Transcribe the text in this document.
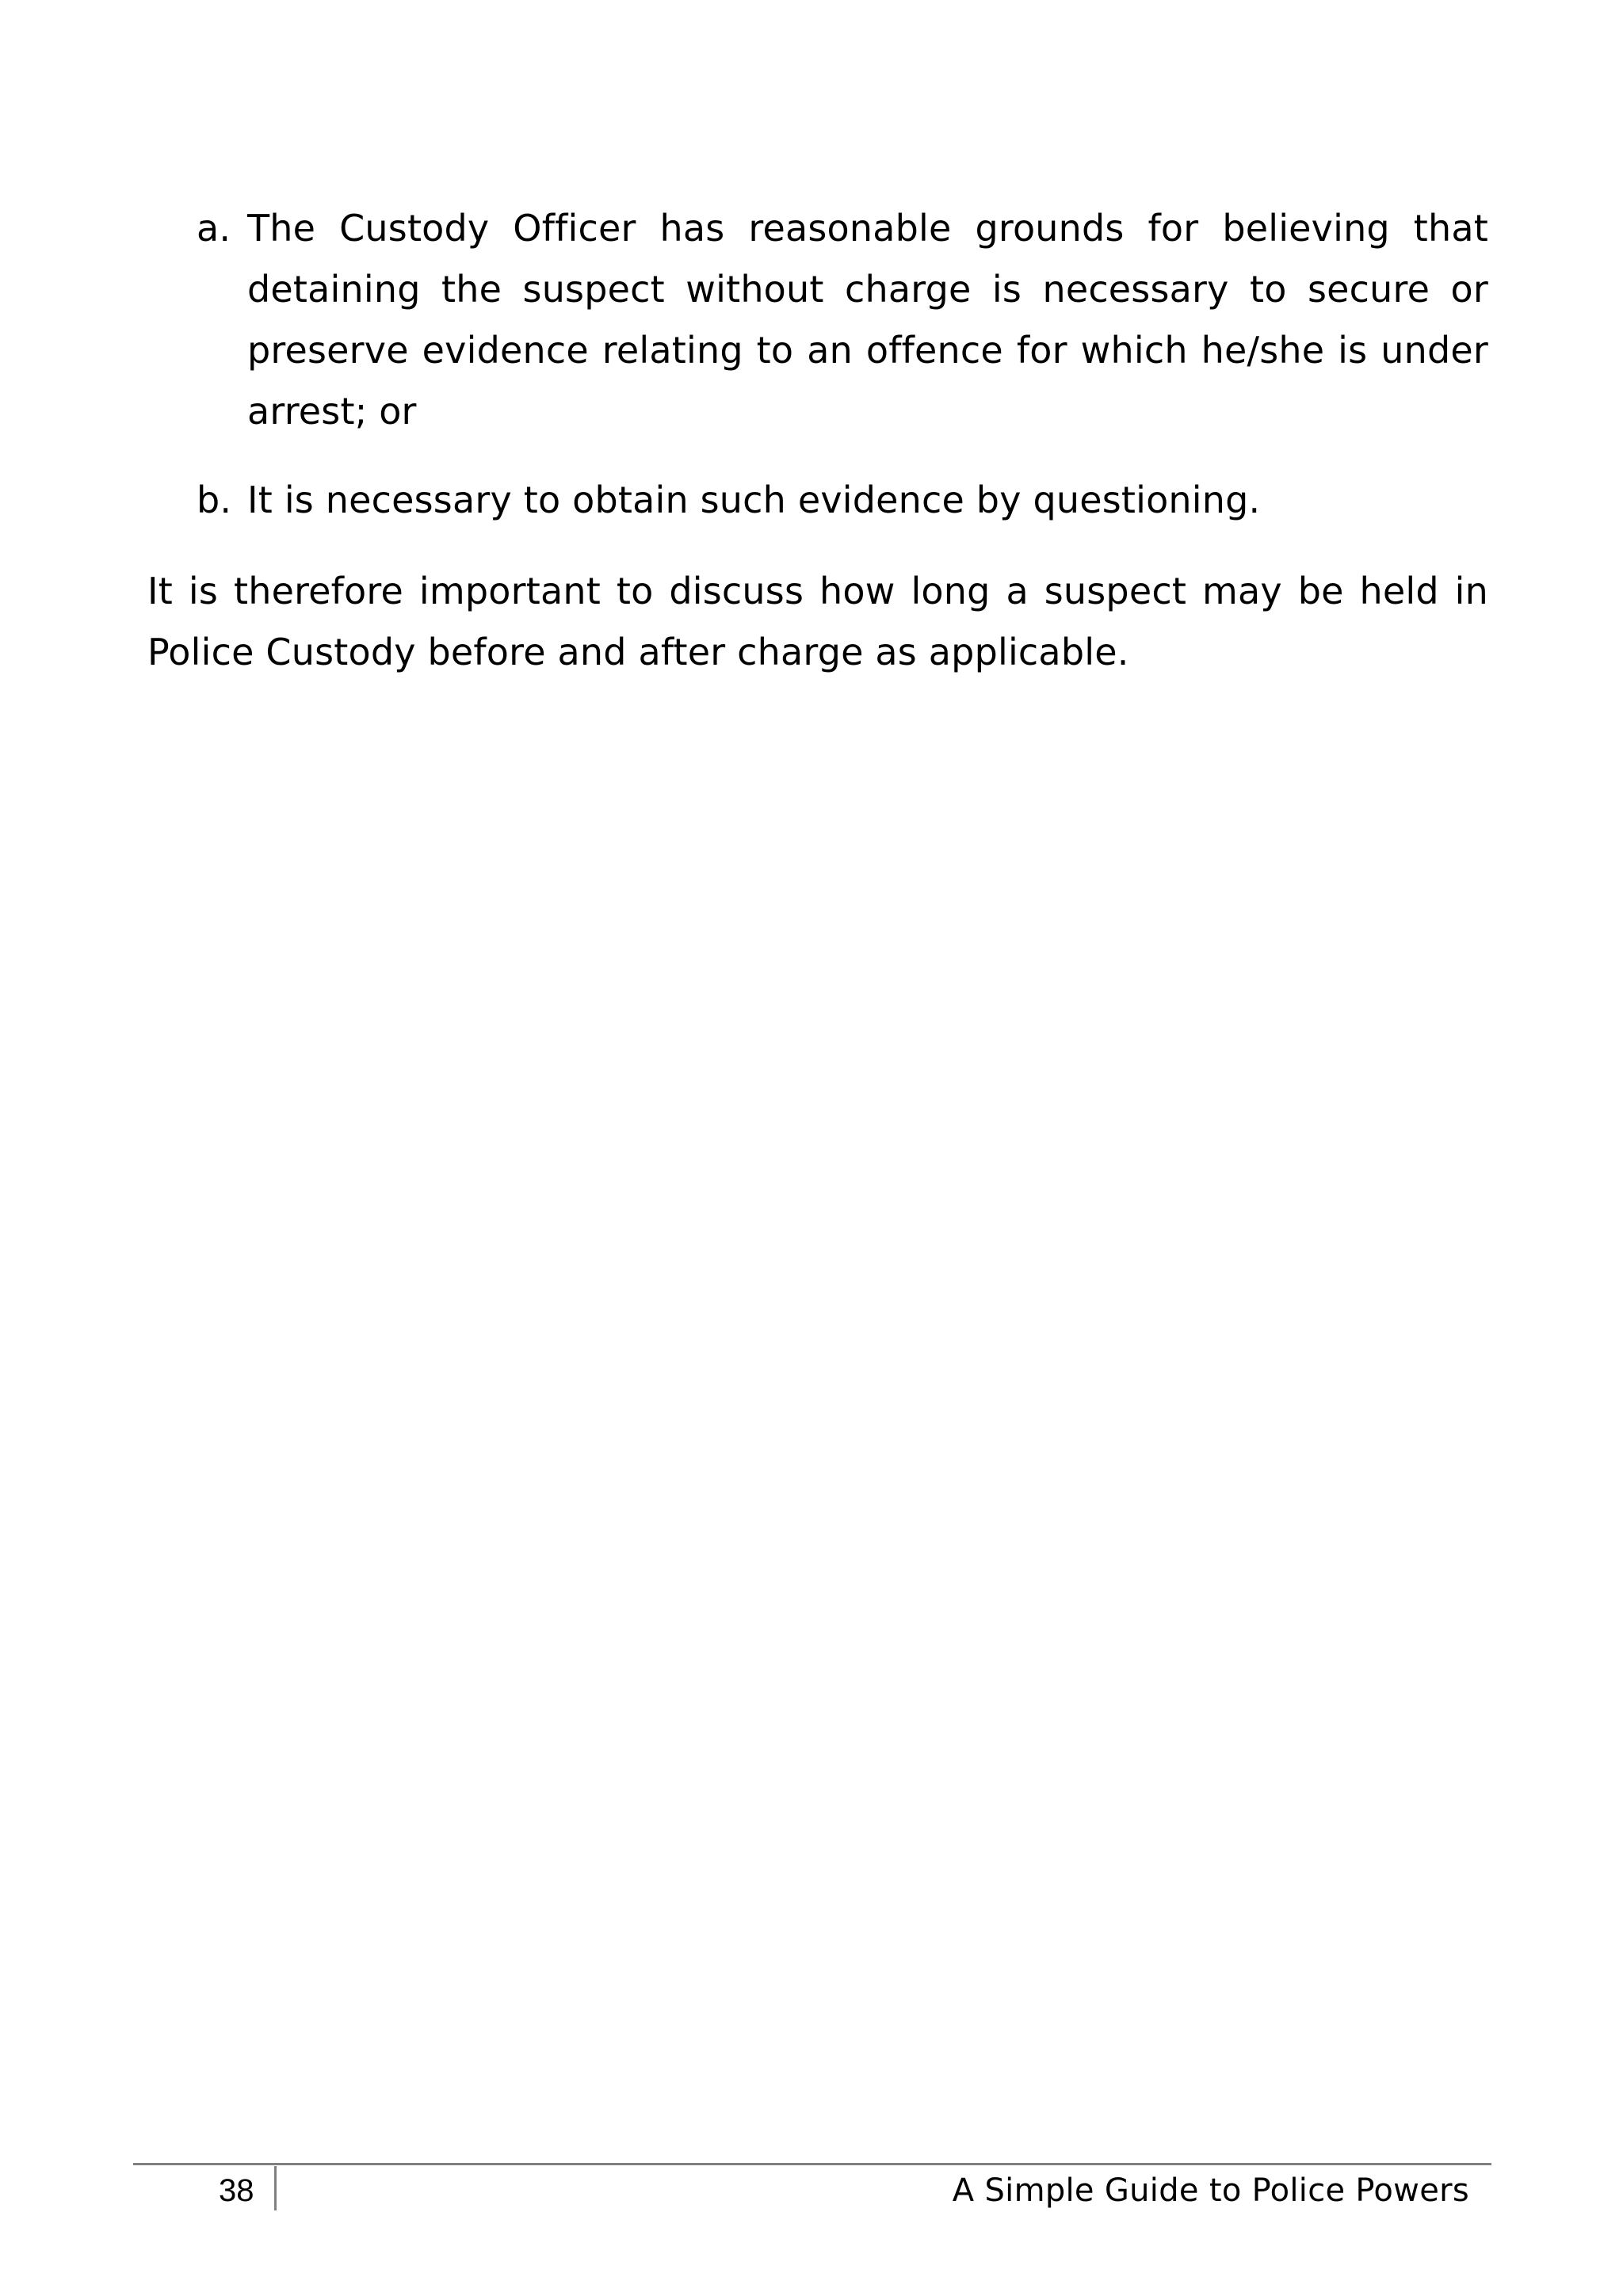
a. The Custody Officer has reasonable grounds for believing that detaining the suspect without charge is necessary to secure or preserve evidence relating to an offence for which he/she is under arrest; or
b. It is necessary to obtain such evidence by questioning.

It is therefore important to discuss how long a suspect may be held in Police Custody before and after charge as applicable.

38	A Simple Guide to Police Powers
